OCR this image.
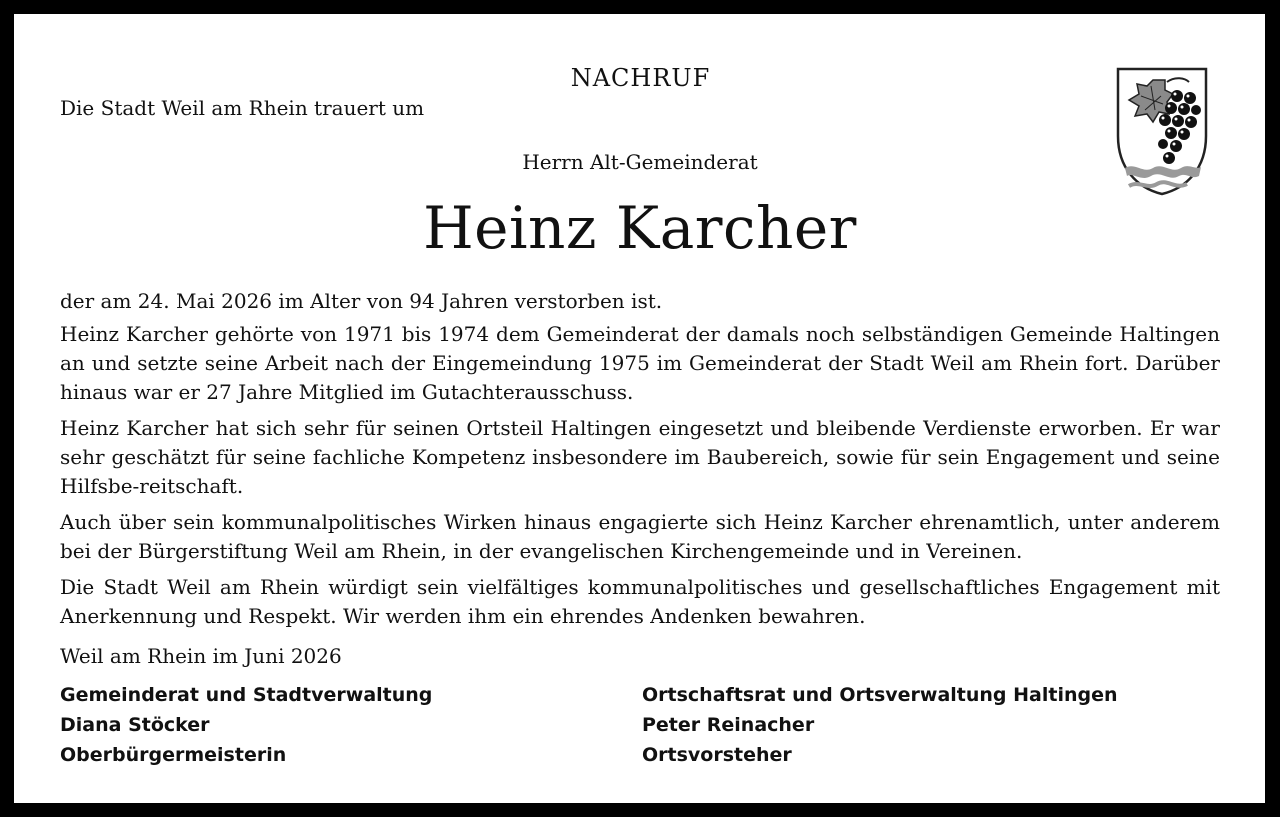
NACHRUF
Die Stadt Weil am Rhein trauert um
Herrn Alt-Gemeinderat
Heinz Karcher

der am 24. Mai 2026 im Alter von 94 Jahren verstorben ist.

Heinz Karcher gehörte von 1971 bis 1974 dem Gemeinderat der damals noch selbständigen Gemeinde Haltingen an und setzte seine Arbeit nach der Eingemeindung 1975 im Gemeinderat der Stadt Weil am Rhein fort. Darüber hinaus war er 27 Jahre Mitglied im Gutachterausschuss.

Heinz Karcher hat sich sehr für seinen Ortsteil Haltingen eingesetzt und bleibende Verdienste erworben. Er war sehr geschätzt für seine fachliche Kompetenz insbesondere im Baubereich, sowie für sein Engagement und seine Hilfsbe-reitschaft.

Auch über sein kommunalpolitisches Wirken hinaus engagierte sich Heinz Karcher ehrenamtlich, unter anderem bei der Bürgerstiftung Weil am Rhein, in der evangelischen Kirchengemeinde und in Vereinen.

Die Stadt Weil am Rhein würdigt sein vielfältiges kommunalpolitisches und gesellschaftliches Engagement mit Anerkennung und Respekt. Wir werden ihm ein ehrendes Andenken bewahren.

Weil am Rhein im Juni 2026
Gemeinderat und Stadtverwaltung
Diana Stöcker
Oberbürgermeisterin
Ortschaftsrat und Ortsverwaltung Haltingen
Peter Reinacher
Ortsvorsteher
